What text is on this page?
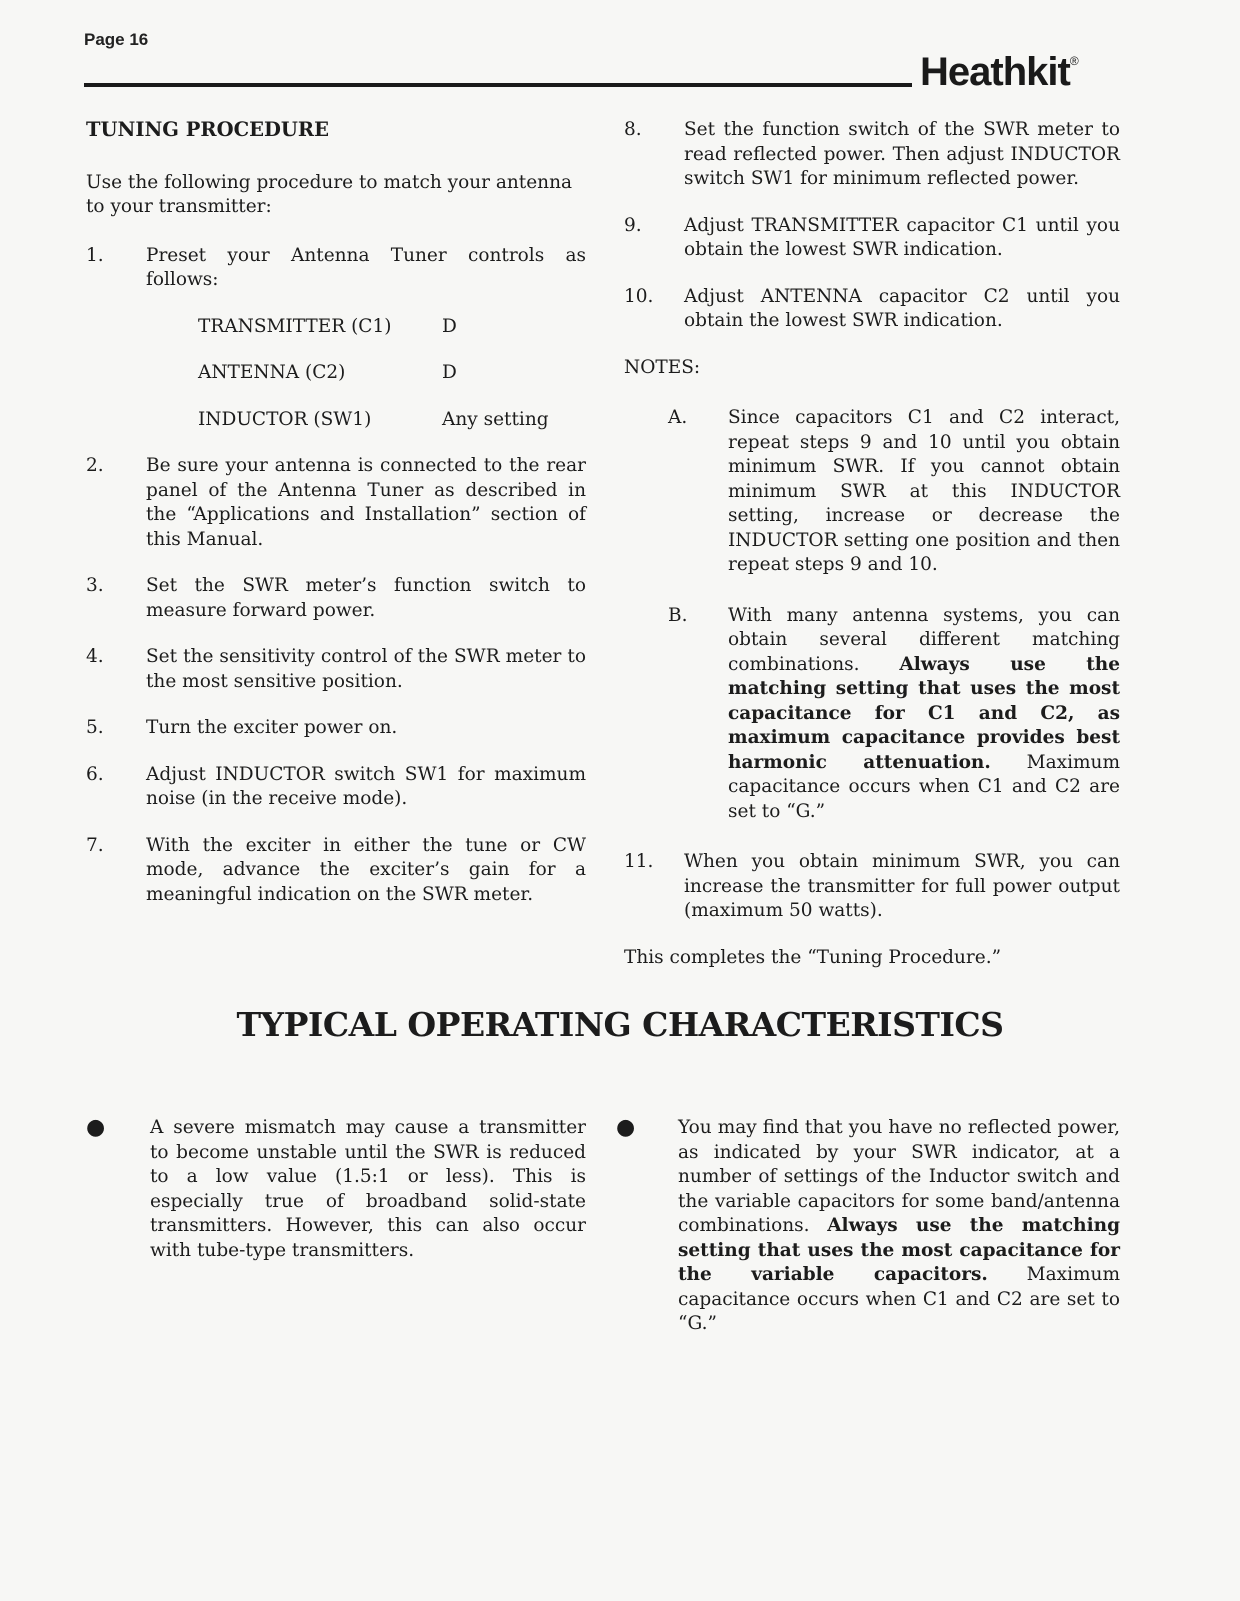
Page 16
Heathkit®
TUNING PROCEDURE

Use the following procedure to match your antenna to your transmitter:

1.	Preset your Antenna Tuner controls as follows:
TRANSMITTER (C1)	D
ANTENNA (C2)	D
INDUCTOR (SW1)	Any setting
2.	Be sure your antenna is connected to the rear panel of the Antenna Tuner as described in the “Applications and Installation” section of this Manual.
3.	Set the SWR meter’s function switch to measure forward power.
4.	Set the sensitivity control of the SWR meter to the most sensitive position.
5.	Turn the exciter power on.
6.	Adjust INDUCTOR switch SW1 for maximum noise (in the receive mode).
7.	With the exciter in either the tune or CW mode, advance the exciter’s gain for a meaningful indication on the SWR meter.
8.	Set the function switch of the SWR meter to read reflected power. Then adjust INDUCTOR switch SW1 for minimum reflected power.
9.	Adjust TRANSMITTER capacitor C1 until you obtain the lowest SWR indication.
10.	Adjust ANTENNA capacitor C2 until you obtain the lowest SWR indication.

NOTES:

A.	Since capacitors C1 and C2 interact, repeat steps 9 and 10 until you obtain minimum SWR. If you cannot obtain minimum SWR at this INDUCTOR setting, increase or decrease the INDUCTOR setting one position and then repeat steps 9 and 10.
B.	With many antenna systems, you can obtain several different matching combinations. Always use the matching setting that uses the most capacitance for C1 and C2, as maximum capacitance provides best harmonic attenuation. Maximum capacitance occurs when C1 and C2 are set to “G.”
11.	When you obtain minimum SWR, you can increase the transmitter for full power output (maximum 50 watts).

This completes the “Tuning Procedure.”

TYPICAL OPERATING CHARACTERISTICS
●	A severe mismatch may cause a transmitter to become unstable until the SWR is reduced to a low value (1.5:1 or less). This is especially true of broadband solid-state transmitters. However, this can also occur with tube-type transmitters.
●	You may find that you have no reflected power, as indicated by your SWR indicator, at a number of settings of the Inductor switch and the variable capacitors for some band/antenna combinations. Always use the matching setting that uses the most capacitance for the variable capacitors. Maximum capacitance occurs when C1 and C2 are set to “G.”
